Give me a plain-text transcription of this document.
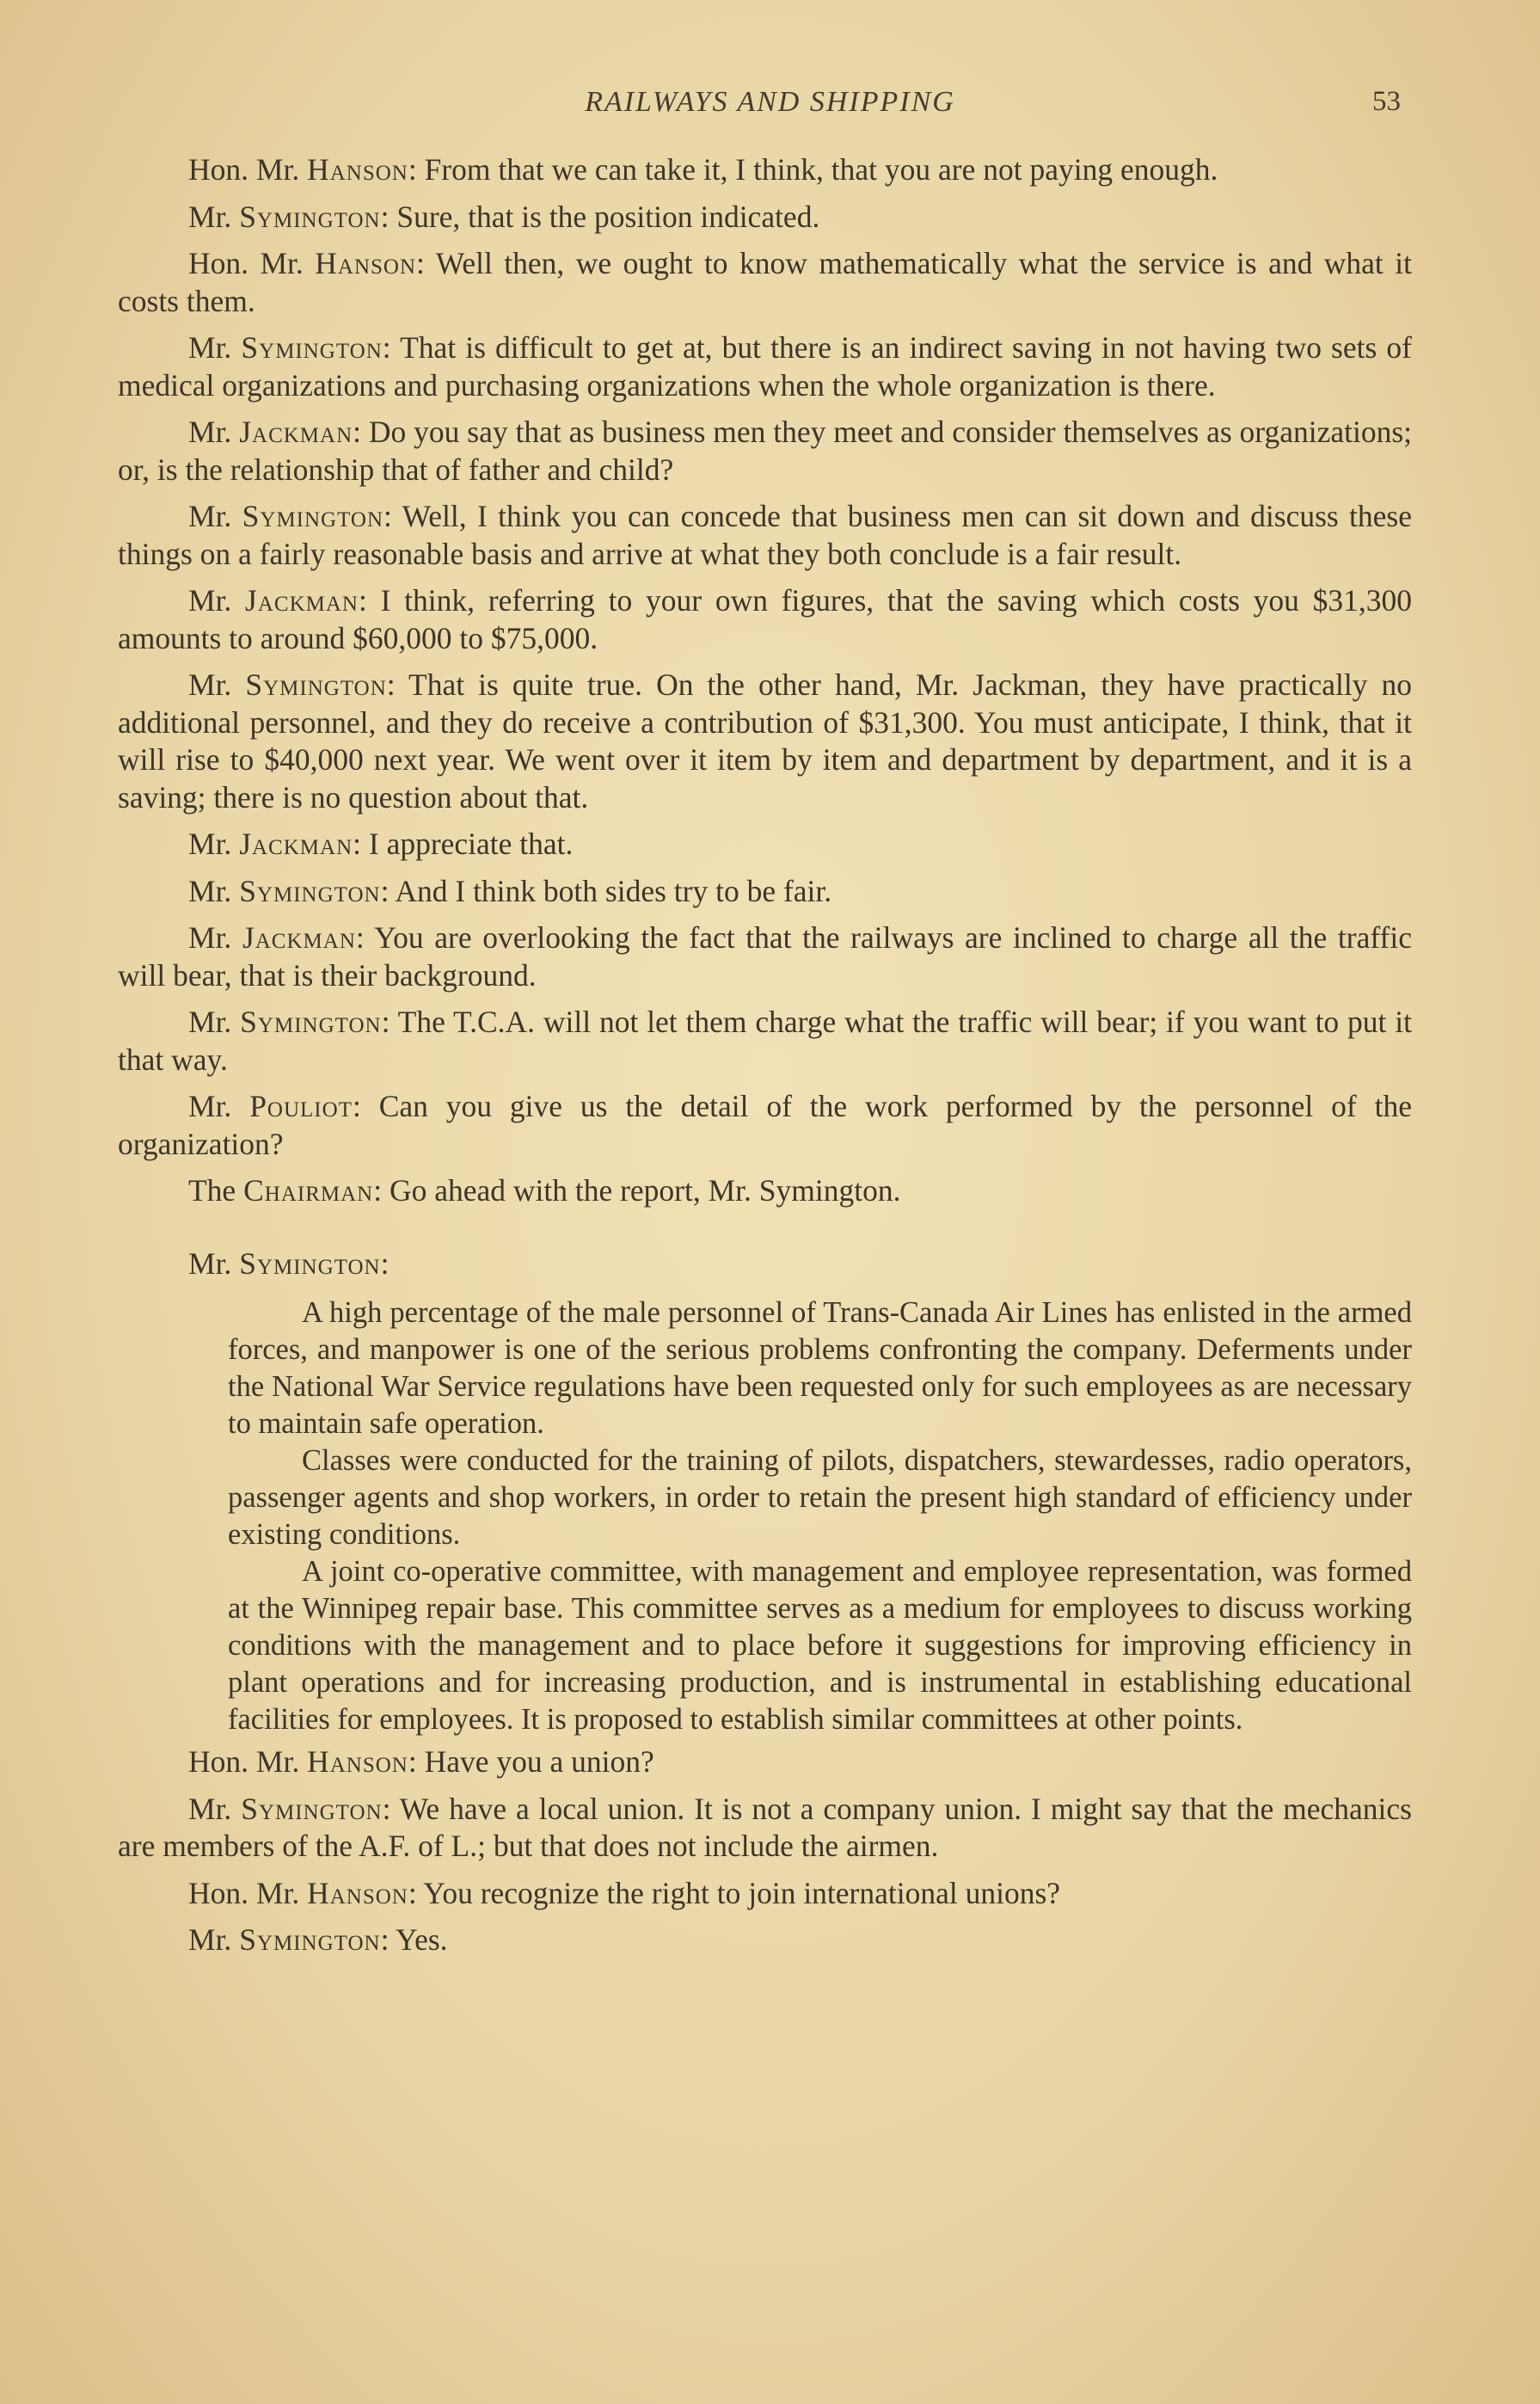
RAILWAYS AND SHIPPING	53

Hon. Mr. Hanson: From that we can take it, I think, that you are not paying enough.

Mr. Symington: Sure, that is the position indicated.

Hon. Mr. Hanson: Well then, we ought to know mathematically what the service is and what it costs them.

Mr. Symington: That is difficult to get at, but there is an indirect saving in not having two sets of medical organizations and purchasing organizations when the whole organization is there.

Mr. Jackman: Do you say that as business men they meet and consider themselves as organizations; or, is the relationship that of father and child?

Mr. Symington: Well, I think you can concede that business men can sit down and discuss these things on a fairly reasonable basis and arrive at what they both conclude is a fair result.

Mr. Jackman: I think, referring to your own figures, that the saving which costs you $31,300 amounts to around $60,000 to $75,000.

Mr. Symington: That is quite true. On the other hand, Mr. Jackman, they have practically no additional personnel, and they do receive a contribution of $31,300. You must anticipate, I think, that it will rise to $40,000 next year. We went over it item by item and department by department, and it is a saving; there is no question about that.

Mr. Jackman: I appreciate that.

Mr. Symington: And I think both sides try to be fair.

Mr. Jackman: You are overlooking the fact that the railways are inclined to charge all the traffic will bear, that is their background.

Mr. Symington: The T.C.A. will not let them charge what the traffic will bear; if you want to put it that way.

Mr. Pouliot: Can you give us the detail of the work performed by the personnel of the organization?

The Chairman: Go ahead with the report, Mr. Symington.

Mr. Symington:

A high percentage of the male personnel of Trans-Canada Air Lines has enlisted in the armed forces, and manpower is one of the serious problems confronting the company. Deferments under the National War Service regulations have been requested only for such employees as are necessary to maintain safe operation.

Classes were conducted for the training of pilots, dispatchers, stewardesses, radio operators, passenger agents and shop workers, in order to retain the present high standard of efficiency under existing conditions.

A joint co-operative committee, with management and employee representation, was formed at the Winnipeg repair base. This committee serves as a medium for employees to discuss working conditions with the management and to place before it suggestions for improving efficiency in plant operations and for increasing production, and is instrumental in establishing educational facilities for employees. It is proposed to establish similar committees at other points.

Hon. Mr. Hanson: Have you a union?

Mr. Symington: We have a local union. It is not a company union. I might say that the mechanics are members of the A.F. of L.; but that does not include the airmen.

Hon. Mr. Hanson: You recognize the right to join international unions?

Mr. Symington: Yes.
